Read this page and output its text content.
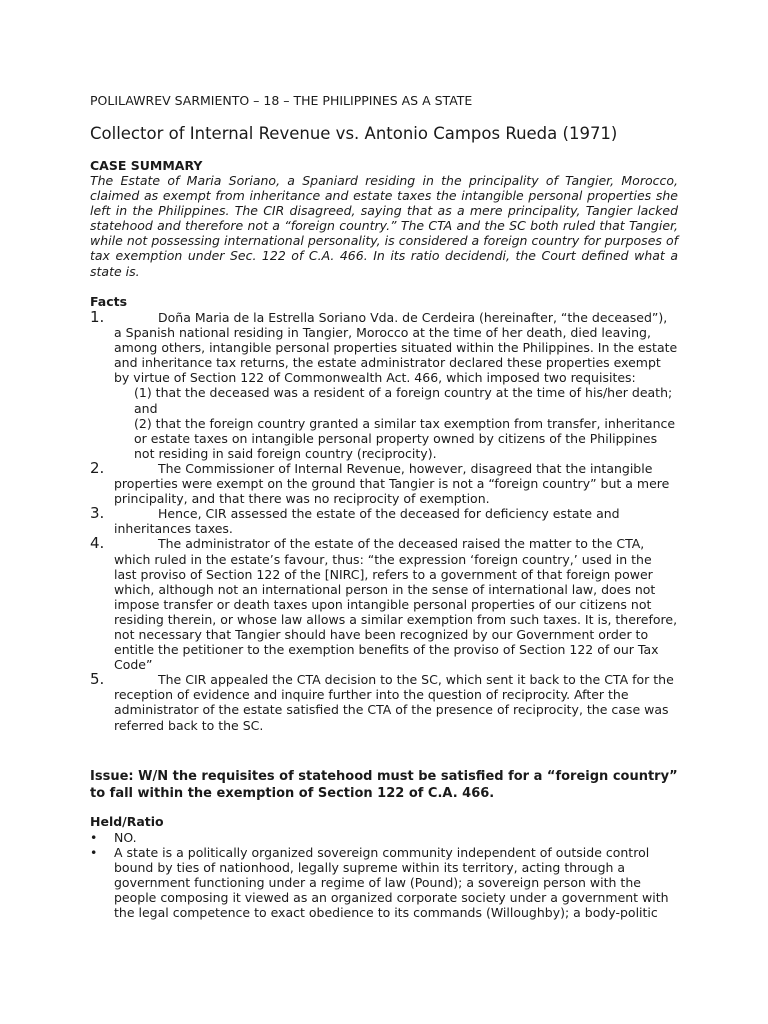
POLILAWREV SARMIENTO – 18 – THE PHILIPPINES AS A STATE
Collector of Internal Revenue vs. Antonio Campos Rueda (1971)
CASE SUMMARY
The Estate of Maria Soriano, a Spaniard residing in the principality of Tangier, Morocco, claimed as exempt from inheritance and estate taxes the intangible personal properties she left in the Philippines. The CIR disagreed, saying that as a mere principality, Tangier lacked statehood and therefore not a “foreign country.” The CTA and the SC both ruled that Tangier, while not possessing international personality, is considered a foreign country for purposes of tax exemption under Sec. 122 of C.A. 466. In its ratio decidendi, the Court defined what a state is.
Facts
1.	Doña Maria de la Estrella Soriano Vda. de Cerdeira (hereinafter, “the deceased”), a Spanish national residing in Tangier, Morocco at the time of her death, died leaving, among others, intangible personal properties situated within the Philippines. In the estate and inheritance tax returns, the estate administrator declared these properties exempt by virtue of Section 122 of Commonwealth Act. 466, which imposed two requisites:
(1) that the deceased was a resident of a foreign country at the time of his/her death; and
(2) that the foreign country granted a similar tax exemption from transfer, inheritance or estate taxes on intangible personal property owned by citizens of the Philippines not residing in said foreign country (reciprocity).
2.	The Commissioner of Internal Revenue, however, disagreed that the intangible properties were exempt on the ground that Tangier is not a “foreign country” but a mere principality, and that there was no reciprocity of exemption.
3.	Hence, CIR assessed the estate of the deceased for deficiency estate and inheritances taxes.
4.	The administrator of the estate of the deceased raised the matter to the CTA, which ruled in the estate’s favour, thus: “the expression ‘foreign country,’ used in the last proviso of Section 122 of the [NIRC], refers to a government of that foreign power which, although not an international person in the sense of international law, does not impose transfer or death taxes upon intangible personal properties of our citizens not residing therein, or whose law allows a similar exemption from such taxes. It is, therefore, not necessary that Tangier should have been recognized by our Government order to entitle the petitioner to the exemption benefits of the proviso of Section 122 of our Tax Code”
5.	The CIR appealed the CTA decision to the SC, which sent it back to the CTA for the reception of evidence and inquire further into the question of reciprocity. After the administrator of the estate satisfied the CTA of the presence of reciprocity, the case was referred back to the SC.
Issue: W/N the requisites of statehood must be satisfied for a “foreign country” to fall within the exemption of Section 122 of C.A. 466.
Held/Ratio
• NO.
• A state is a politically organized sovereign community independent of outside control bound by ties of nationhood, legally supreme within its territory, acting through a government functioning under a regime of law (Pound); a sovereign person with the people composing it viewed as an organized corporate society under a government with the legal competence to exact obedience to its commands (Willoughby); a body-politic
